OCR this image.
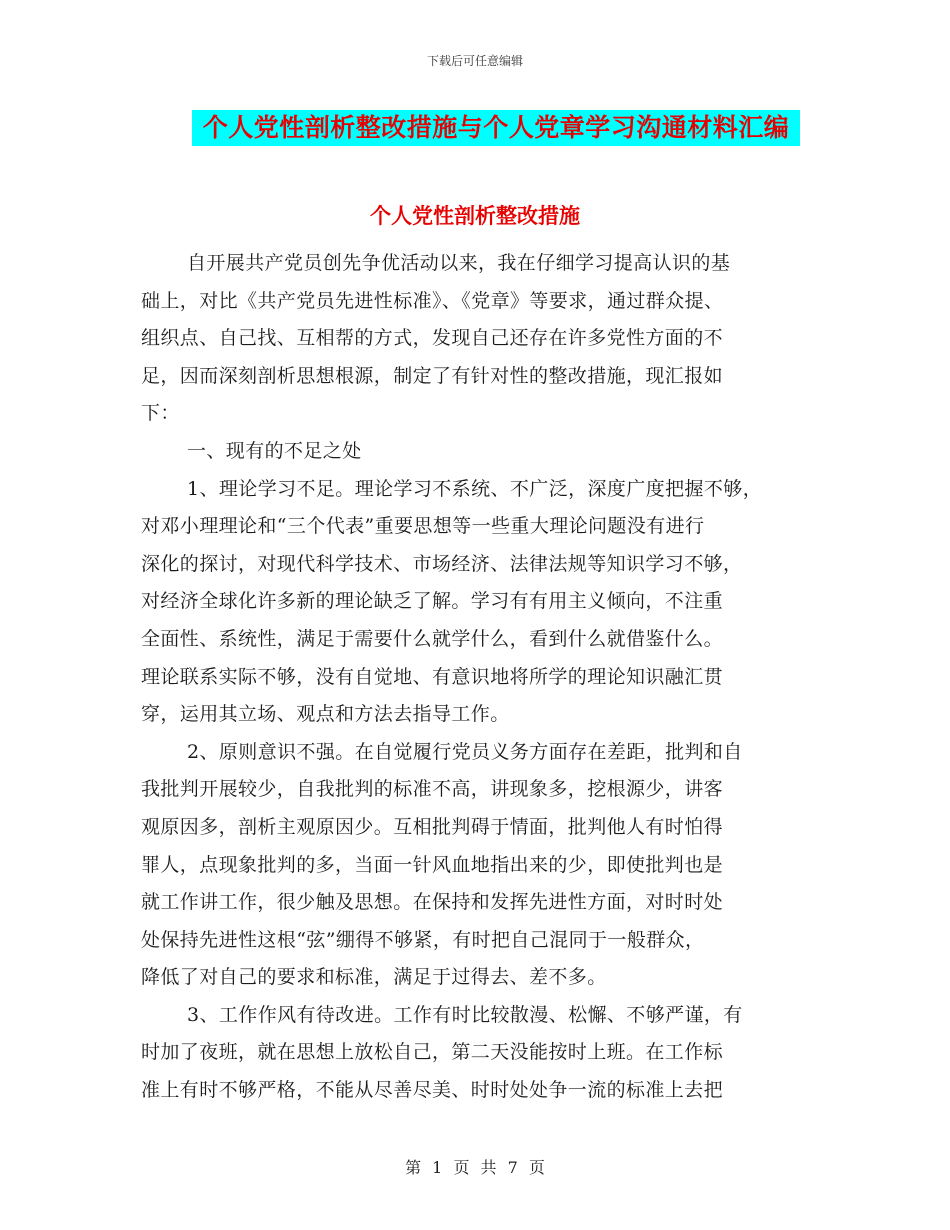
下载后可任意编辑
个人党性剖析整改措施与个人党章学习沟通材料汇编
个人党性剖析整改措施
自开展共产党员创先争优活动以来，我在仔细学习提高认识的基
础上，对比《共产党员先进性标准》、《党章》等要求，通过群众提、
组织点、自己找、互相帮的方式，发现自己还存在许多党性方面的不
足，因而深刻剖析思想根源，制定了有针对性的整改措施，现汇报如
下：
一、现有的不足之处
1、理论学习不足。理论学习不系统、不广泛，深度广度把握不够，
对邓小理理论和“三个代表”重要思想等一些重大理论问题没有进行
深化的探讨，对现代科学技术、市场经济、法律法规等知识学习不够，
对经济全球化许多新的理论缺乏了解。学习有有用主义倾向，不注重
全面性、系统性，满足于需要什么就学什么，看到什么就借鉴什么。
理论联系实际不够，没有自觉地、有意识地将所学的理论知识融汇贯
穿，运用其立场、观点和方法去指导工作。
2、原则意识不强。在自觉履行党员义务方面存在差距，批判和自
我批判开展较少，自我批判的标准不高，讲现象多，挖根源少，讲客
观原因多，剖析主观原因少。互相批判碍于情面，批判他人有时怕得
罪人，点现象批判的多，当面一针风血地指出来的少，即使批判也是
就工作讲工作，很少触及思想。在保持和发挥先进性方面，对时时处
处保持先进性这根“弦”绷得不够紧，有时把自己混同于一般群众，
降低了对自己的要求和标准，满足于过得去、差不多。
3、工作作风有待改进。工作有时比较散漫、松懈、不够严谨，有
时加了夜班，就在思想上放松自己，第二天没能按时上班。在工作标
准上有时不够严格，不能从尽善尽美、时时处处争一流的标准上去把
第 1 页 共 7 页
